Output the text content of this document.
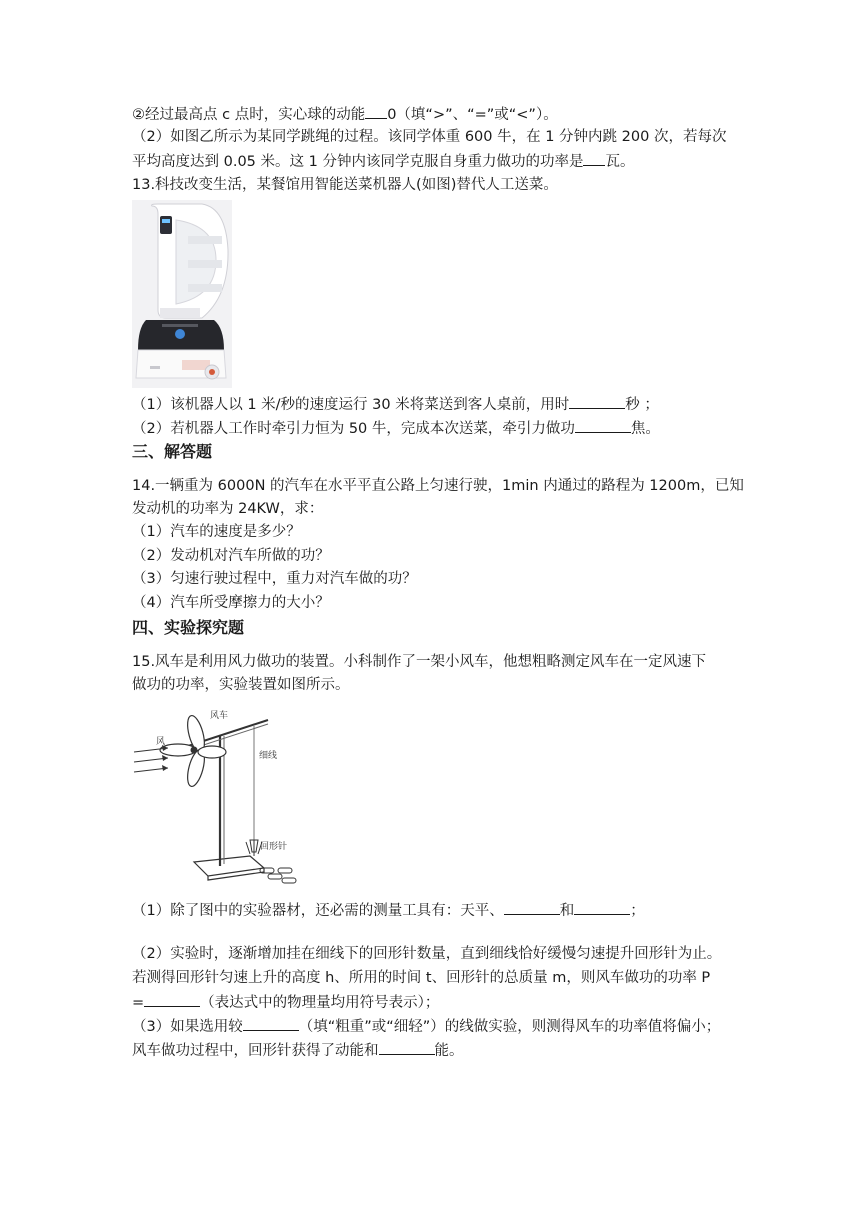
②经过最高点 c 点时，实心球的动能 0（填“>”、“=”或“<”）。
（2）如图乙所示为某同学跳绳的过程。该同学体重 600 牛，在 1 分钟内跳 200 次，若每次
平均高度达到 0.05 米。这 1 分钟内该同学克服自身重力做功的功率是 瓦。
13.科技改变生活，某餐馆用智能送菜机器人(如图)替代人工送菜。
（1）该机器人以 1 米/秒的速度运行 30 米将菜送到客人桌前，用时	秒 ；
（2）若机器人工作时牵引力恒为 50 牛，完成本次送菜，牵引力做功	焦。
三、解答题
14.一辆重为 6000N 的汽车在水平平直公路上匀速行驶，1min 内通过的路程为 1200m，已知
发动机的功率为 24KW，求：
（1）汽车的速度是多少？
（2）发动机对汽车所做的功？
（3）匀速行驶过程中，重力对汽车做的功？
（4）汽车所受摩擦力的大小？
四、实验探究题
15.风车是利用风力做功的装置。小科制作了一架小风车，他想粗略测定风车在一定风速下
做功的功率，实验装置如图所示。
风车
风
细线
回形针
（1）除了图中的实验器材，还必需的测量工具有：天平、	和	；
（2）实验时，逐渐增加挂在细线下的回形针数量，直到细线恰好缓慢匀速提升回形针为止。
若测得回形针匀速上升的高度 h、所用的时间 t、回形针的总质量 m，则风车做功的功率 P
=	（表达式中的物理量均用符号表示）；
（3）如果选用较	（填“粗重”或“细轻”）的线做实验，则测得风车的功率值将偏小；
风车做功过程中，回形针获得了动能和	能。
